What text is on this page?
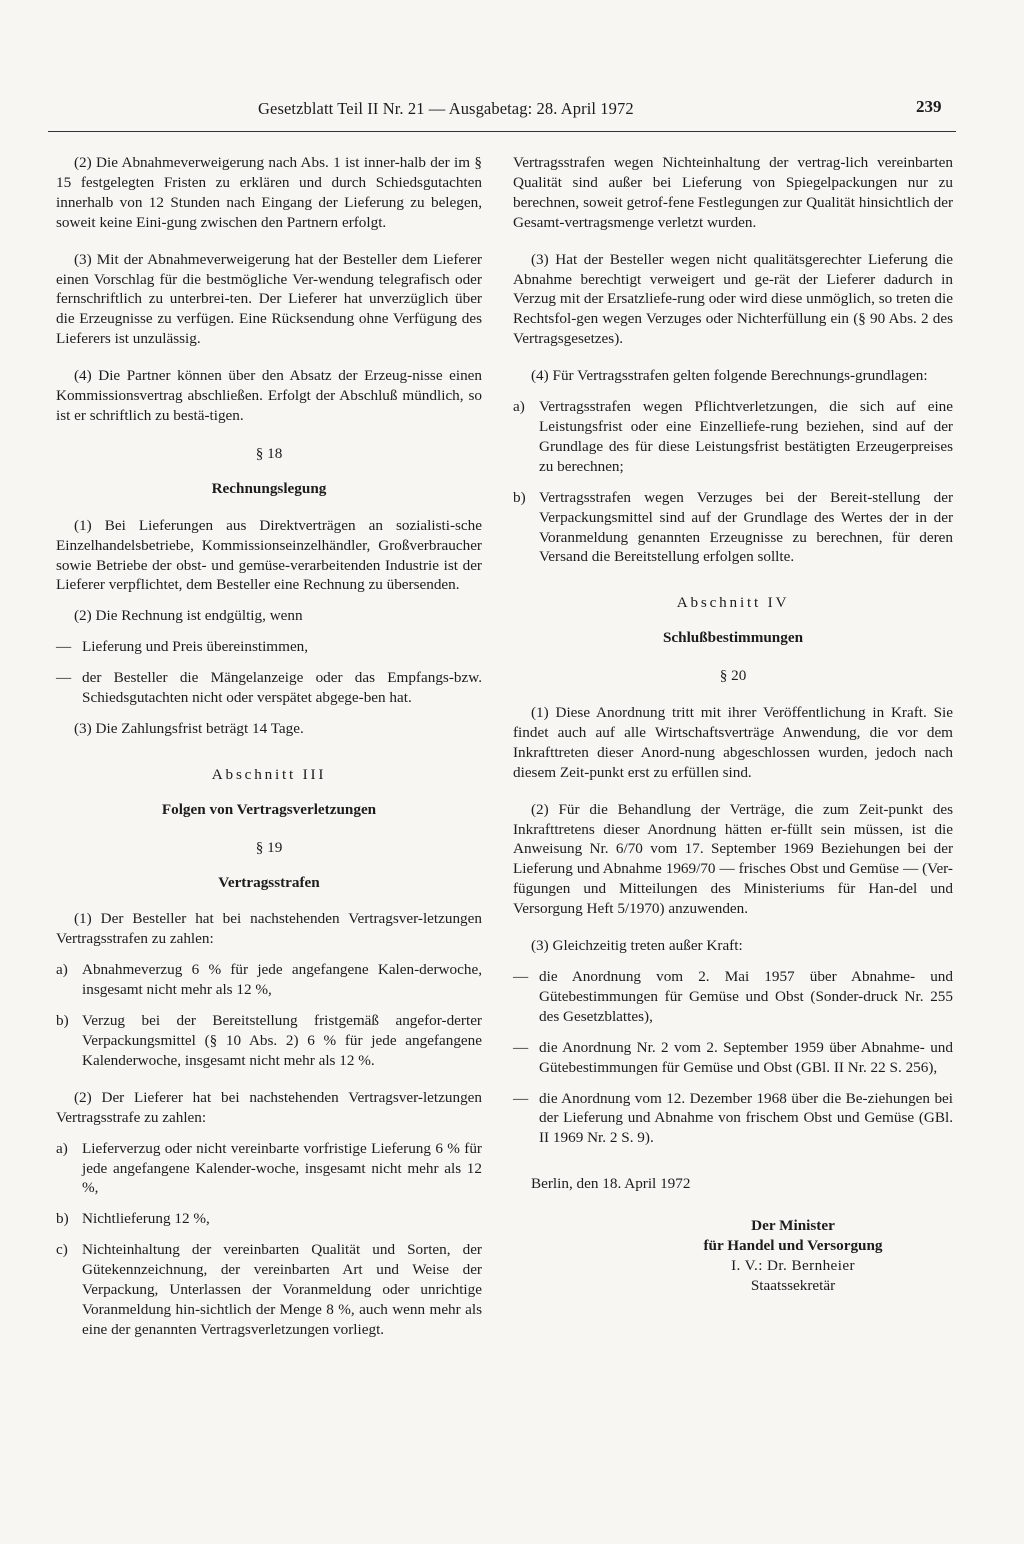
Gesetzblatt Teil II Nr. 21 — Ausgabetag: 28. April 1972	239

(2) Die Abnahmeverweigerung nach Abs. 1 ist inner-halb der im § 15 festgelegten Fristen zu erklären und durch Schiedsgutachten innerhalb von 12 Stunden nach Eingang der Lieferung zu belegen, soweit keine Eini-gung zwischen den Partnern erfolgt.

(3) Mit der Abnahmeverweigerung hat der Besteller dem Lieferer einen Vorschlag für die bestmögliche Ver-wendung telegrafisch oder fernschriftlich zu unterbrei-ten. Der Lieferer hat unverzüglich über die Erzeugnisse zu verfügen. Eine Rücksendung ohne Verfügung des Lieferers ist unzulässig.

(4) Die Partner können über den Absatz der Erzeug-nisse einen Kommissionsvertrag abschließen. Erfolgt der Abschluß mündlich, so ist er schriftlich zu bestä-tigen.

§ 18

Rechnungslegung

(1) Bei Lieferungen aus Direktverträgen an sozialisti-sche Einzelhandelsbetriebe, Kommissionseinzelhändler, Großverbraucher sowie Betriebe der obst- und gemüse-verarbeitenden Industrie ist der Lieferer verpflichtet, dem Besteller eine Rechnung zu übersenden.

(2) Die Rechnung ist endgültig, wenn

— Lieferung und Preis übereinstimmen,
— der Besteller die Mängelanzeige oder das Empfangs-bzw. Schiedsgutachten nicht oder verspätet abgege-ben hat.

(3) Die Zahlungsfrist beträgt 14 Tage.

Abschnitt III

Folgen von Vertragsverletzungen

§ 19

Vertragsstrafen

(1) Der Besteller hat bei nachstehenden Vertragsver-letzungen Vertragsstrafen zu zahlen:

a) Abnahmeverzug 6 % für jede angefangene Kalen-derwoche, insgesamt nicht mehr als 12 %,
b) Verzug bei der Bereitstellung fristgemäß angefor-derter Verpackungsmittel (§ 10 Abs. 2) 6 % für jede angefangene Kalenderwoche, insgesamt nicht mehr als 12 %.

(2) Der Lieferer hat bei nachstehenden Vertragsver-letzungen Vertragsstrafe zu zahlen:

a) Lieferverzug oder nicht vereinbarte vorfristige Lieferung 6 % für jede angefangene Kalender-woche, insgesamt nicht mehr als 12 %,
b) Nichtlieferung 12 %,
c) Nichteinhaltung der vereinbarten Qualität und Sorten, der Gütekennzeichnung, der vereinbarten Art und Weise der Verpackung, Unterlassen der Voranmeldung oder unrichtige Voranmeldung hin-sichtlich der Menge 8 %, auch wenn mehr als eine der genannten Vertragsverletzungen vorliegt.

Vertragsstrafen wegen Nichteinhaltung der vertrag-lich vereinbarten Qualität sind außer bei Lieferung von Spiegelpackungen nur zu berechnen, soweit getrof-fene Festlegungen zur Qualität hinsichtlich der Gesamt-vertragsmenge verletzt wurden.

(3) Hat der Besteller wegen nicht qualitätsgerechter Lieferung die Abnahme berechtigt verweigert und ge-rät der Lieferer dadurch in Verzug mit der Ersatzliefe-rung oder wird diese unmöglich, so treten die Rechtsfol-gen wegen Verzuges oder Nichterfüllung ein (§ 90 Abs. 2 des Vertragsgesetzes).

(4) Für Vertragsstrafen gelten folgende Berechnungs-grundlagen:

a) Vertragsstrafen wegen Pflichtverletzungen, die sich auf eine Leistungsfrist oder eine Einzelliefe-rung beziehen, sind auf der Grundlage des für diese Leistungsfrist bestätigten Erzeugerpreises zu berechnen;
b) Vertragsstrafen wegen Verzuges bei der Bereit-stellung der Verpackungsmittel sind auf der Grundlage des Wertes der in der Voranmeldung genannten Erzeugnisse zu berechnen, für deren Versand die Bereitstellung erfolgen sollte.

Abschnitt IV

Schlußbestimmungen

§ 20

(1) Diese Anordnung tritt mit ihrer Veröffentlichung in Kraft. Sie findet auch auf alle Wirtschaftsverträge Anwendung, die vor dem Inkrafttreten dieser Anord-nung abgeschlossen wurden, jedoch nach diesem Zeit-punkt erst zu erfüllen sind.

(2) Für die Behandlung der Verträge, die zum Zeit-punkt des Inkrafttretens dieser Anordnung hätten er-füllt sein müssen, ist die Anweisung Nr. 6/70 vom 17. September 1969 Beziehungen bei der Lieferung und Abnahme 1969/70 — frisches Obst und Gemüse — (Ver-fügungen und Mitteilungen des Ministeriums für Han-del und Versorgung Heft 5/1970) anzuwenden.

(3) Gleichzeitig treten außer Kraft:

— die Anordnung vom 2. Mai 1957 über Abnahme- und Gütebestimmungen für Gemüse und Obst (Sonder-druck Nr. 255 des Gesetzblattes),
— die Anordnung Nr. 2 vom 2. September 1959 über Abnahme- und Gütebestimmungen für Gemüse und Obst (GBl. II Nr. 22 S. 256),
— die Anordnung vom 12. Dezember 1968 über die Be-ziehungen bei der Lieferung und Abnahme von frischem Obst und Gemüse (GBl. II 1969 Nr. 2 S. 9).

Berlin, den 18. April 1972

Der Minister

für Handel und Versorgung

I. V.: Dr. Bernheier

Staatssekretär
